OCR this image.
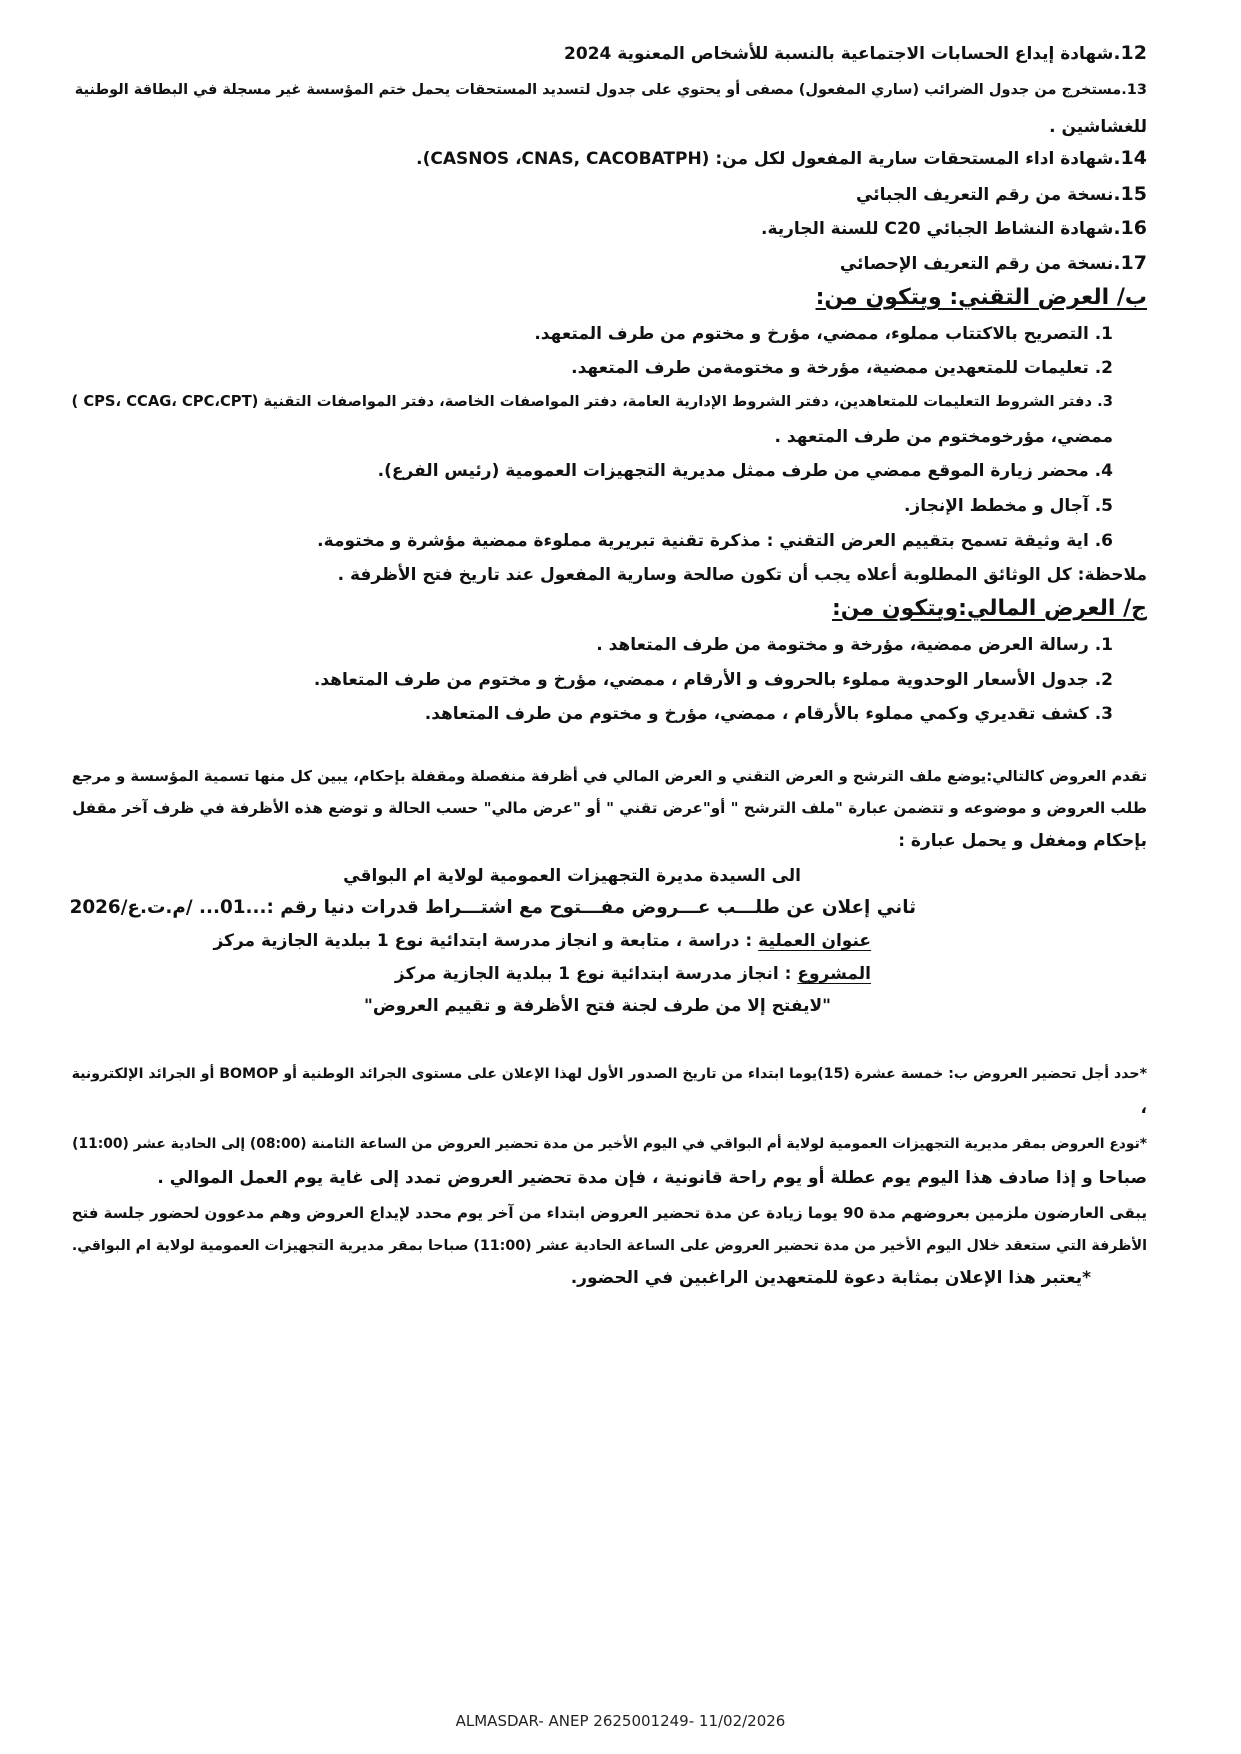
12.شهادة إيداع الحسابات الاجتماعية بالنسبة للأشخاص المعنوية 2024
13.مستخرج من جدول الضرائب (ساري المفعول) مصفى أو يحتوي على جدول لتسديد المستحقات يحمل ختم المؤسسة غير مسجلة في البطاقة الوطنية
للغشاشين .
14.شهادة اداء المستحقات سارية المفعول لكل من: (CASNOS ،CNAS, CACOBATPH).
15.نسخة من رقم التعريف الجبائي
16.شهادة النشاط الجبائي C20 للسنة الجارية.
17.نسخة من رقم التعريف الإحصائي
ب/ العرض التقني: ويتكون من:
1. التصريح بالاكتتاب مملوء، ممضي، مؤرخ و مختوم من طرف المتعهد.
2. تعليمات للمتعهدين ممضية، مؤرخة و مختومةمن طرف المتعهد.
3. دفتر الشروط التعليمات للمتعاهدين، دفتر الشروط الإدارية العامة، دفتر المواصفات الخاصة، دفتر المواصفات التقنية (CPS، CCAG، CPC،CPT )
ممضي، مؤرخومختوم من طرف المتعهد .
4. محضر زيارة الموقع ممضي من طرف ممثل مديرية التجهيزات العمومية (رئيس الفرع).
5. آجال و مخطط الإنجاز.
6. اية وثيقة تسمح بتقييم العرض التقني : مذكرة تقنية تبريرية مملوءة ممضية مؤشرة و مختومة.
ملاحظة: كل الوثائق المطلوبة أعلاه يجب أن تكون صالحة وسارية المفعول عند تاريخ فتح الأظرفة .
ج/ العرض المالي:ويتكون من:
1. رسالة العرض ممضية، مؤرخة و مختومة من طرف المتعاهد .
2. جدول الأسعار الوحدوية مملوء بالحروف و الأرقام ، ممضي، مؤرخ و مختوم من طرف المتعاهد.
3. كشف تقديري وكمي مملوء بالأرقام ، ممضي، مؤرخ و مختوم من طرف المتعاهد.
تقدم العروض كالتالي:يوضع ملف الترشح و العرض التقني و العرض المالي في أظرفة منفصلة ومقفلة بإحكام، يبين كل منها تسمية المؤسسة و مرجع
طلب العروض و موضوعه و تتضمن عبارة "ملف الترشح " أو"عرض تقني " أو "عرض مالي" حسب الحالة و توضع هذه الأظرفة في ظرف آخر مقفل
بإحكام ومغفل و يحمل عبارة :
الى السيدة مديرة التجهيزات العمومية لولاية ام البواقي
ثاني إعلان عن طلـــب عـــروض مفـــتوح مع اشتـــراط قدرات دنيا رقم :...01... /م.ت.ع/2026
عنوان العملية : دراسة ، متابعة و انجاز مدرسة ابتدائية نوع 1 ببلدية الجازية مركز
المشروع : انجاز مدرسة ابتدائية نوع 1 ببلدية الجازية مركز
"لايفتح إلا من طرف لجنة فتح الأظرفة و تقييم العروض"
*حدد أجل تحضير العروض ب: خمسة عشرة (15)يوما ابتداء من تاريخ الصدور الأول لهذا الإعلان على مستوى الجرائد الوطنية أو BOMOP أو الجرائد الإلكترونية
،
*تودع العروض بمقر مديرية التجهيزات العمومية لولاية أم البواقي في اليوم الأخير من مدة تحضير العروض من الساعة الثامنة (08:00) إلى الحادية عشر (11:00)
صباحا و إذا صادف هذا اليوم يوم عطلة أو يوم راحة قانونية ، فإن مدة تحضير العروض تمدد إلى غاية يوم العمل الموالي .
يبقى العارضون ملزمين بعروضهم مدة 90 يوما زيادة عن مدة تحضير العروض ابتداء من آخر يوم محدد لإيداع العروض وهم مدعوون لحضور جلسة فتح
الأظرفة التي ستعقد خلال اليوم الأخير من مدة تحضير العروض على الساعة الحادية عشر (11:00) صباحا بمقر مديرية التجهيزات العمومية لولاية ام البواقي.
*يعتبر هذا الإعلان بمثابة دعوة للمتعهدين الراغبين في الحضور.
ALMASDAR- ANEP 2625001249- 11/02/2026
